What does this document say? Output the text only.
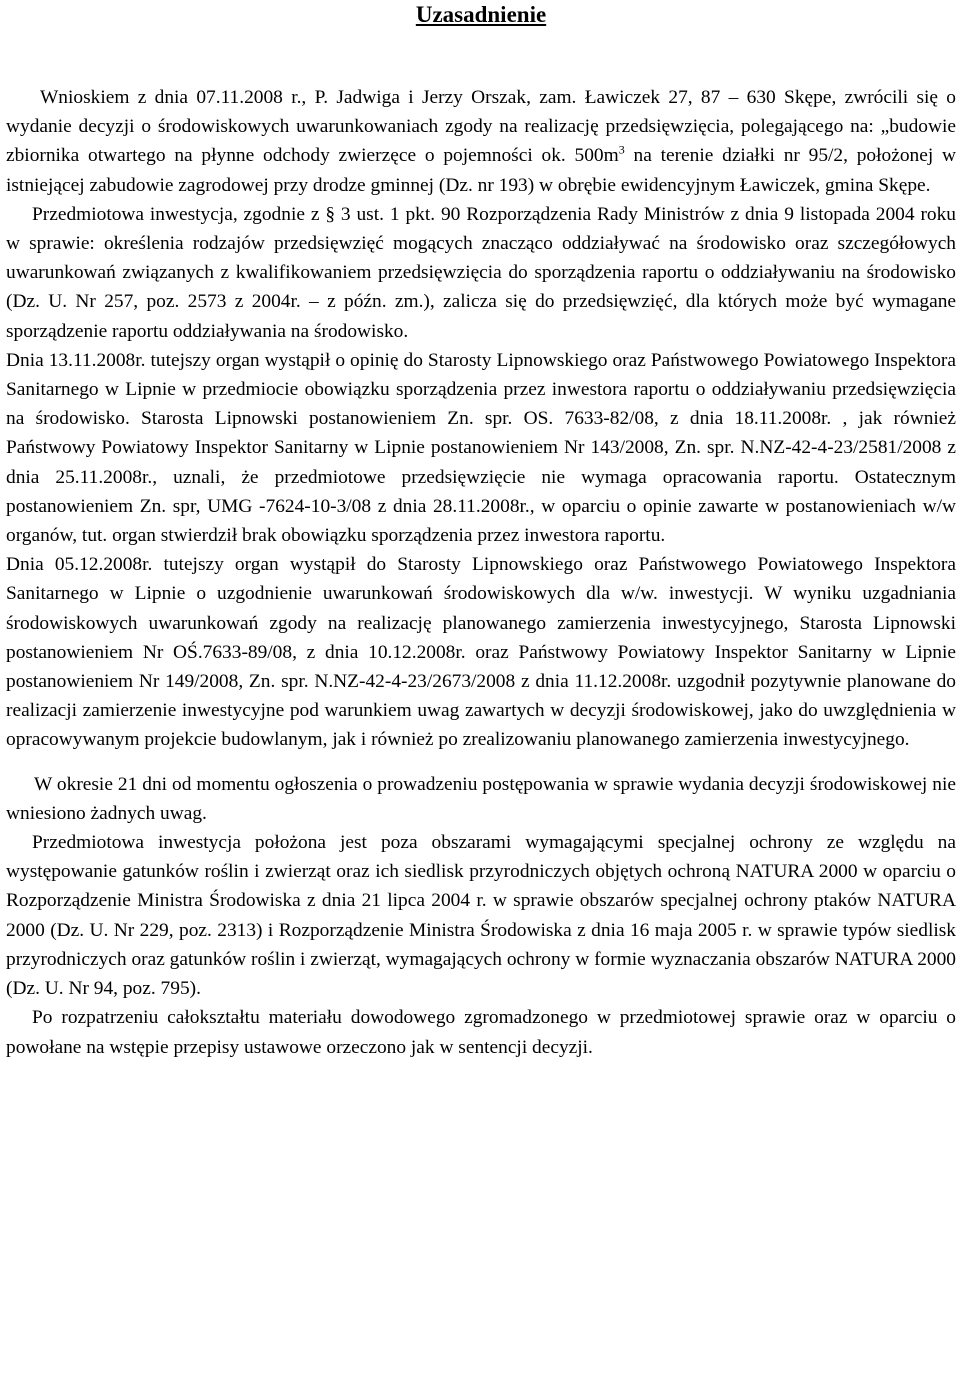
Uzasadnienie

Wnioskiem z dnia 07.11.2008 r., P. Jadwiga i Jerzy Orszak, zam. Ławiczek 27, 87 – 630 Skępe, zwrócili się o wydanie decyzji o środowiskowych uwarunkowaniach zgody na realizację przedsięwzięcia, polegającego na: „budowie zbiornika otwartego na płynne odchody zwierzęce o pojemności ok. $500m^3$ na terenie działki nr 95/2, położonej w istniejącej zabudowie zagrodowej przy drodze gminnej (Dz. nr 193) w obrębie ewidencyjnym Ławiczek, gmina Skępe.

Przedmiotowa inwestycja, zgodnie z § 3 ust. 1 pkt. 90 Rozporządzenia Rady Ministrów z dnia 9 listopada 2004 roku w sprawie: określenia rodzajów przedsięwzięć mogących znacząco oddziaływać na środowisko oraz szczegółowych uwarunkowań związanych z kwalifikowaniem przedsięwzięcia do sporządzenia raportu o oddziaływaniu na środowisko (Dz. U. Nr 257, poz. 2573 z 2004r. – z późn. zm.), zalicza się do przedsięwzięć, dla których może być wymagane sporządzenie raportu oddziaływania na środowisko.

Dnia 13.11.2008r. tutejszy organ wystąpił o opinię do Starosty Lipnowskiego oraz Państwowego Powiatowego Inspektora Sanitarnego w Lipnie w przedmiocie obowiązku sporządzenia przez inwestora raportu o oddziaływaniu przedsięwzięcia na środowisko. Starosta Lipnowski postanowieniem Zn. spr. OS. 7633-82/08, z dnia 18.11.2008r. , jak również Państwowy Powiatowy Inspektor Sanitarny w Lipnie postanowieniem Nr 143/2008, Zn. spr. N.NZ-42-4-23/2581/2008 z dnia 25.11.2008r., uznali, że przedmiotowe przedsięwzięcie nie wymaga opracowania raportu. Ostatecznym postanowieniem Zn. spr, UMG -7624-10-3/08 z dnia 28.11.2008r., w oparciu o opinie zawarte w postanowieniach w/w organów, tut. organ stwierdził brak obowiązku sporządzenia przez inwestora raportu.

Dnia 05.12.2008r. tutejszy organ wystąpił do Starosty Lipnowskiego oraz Państwowego Powiatowego Inspektora Sanitarnego w Lipnie o uzgodnienie uwarunkowań środowiskowych dla w/w. inwestycji. W wyniku uzgadniania środowiskowych uwarunkowań zgody na realizację planowanego zamierzenia inwestycyjnego, Starosta Lipnowski postanowieniem Nr OŚ.7633-89/08, z dnia 10.12.2008r. oraz Państwowy Powiatowy Inspektor Sanitarny w Lipnie postanowieniem Nr 149/2008, Zn. spr. N.NZ-42-4-23/2673/2008 z dnia 11.12.2008r. uzgodnił pozytywnie planowane do realizacji zamierzenie inwestycyjne pod warunkiem uwag zawartych w decyzji środowiskowej, jako do uwzględnienia w opracowywanym projekcie budowlanym, jak i również po zrealizowaniu planowanego zamierzenia inwestycyjnego.

W okresie 21 dni od momentu ogłoszenia o prowadzeniu postępowania w sprawie wydania decyzji środowiskowej nie wniesiono żadnych uwag.

Przedmiotowa inwestycja położona jest poza obszarami wymagającymi specjalnej ochrony ze względu na występowanie gatunków roślin i zwierząt oraz ich siedlisk przyrodniczych objętych ochroną NATURA 2000 w oparciu o Rozporządzenie Ministra Środowiska z dnia 21 lipca 2004 r. w sprawie obszarów specjalnej ochrony ptaków NATURA 2000 (Dz. U. Nr 229, poz. 2313) i Rozporządzenie Ministra Środowiska z dnia 16 maja 2005 r. w sprawie typów siedlisk przyrodniczych oraz gatunków roślin i zwierząt, wymagających ochrony w formie wyznaczania obszarów NATURA 2000 (Dz. U. Nr 94, poz. 795).

Po rozpatrzeniu całokształtu materiału dowodowego zgromadzonego w przedmiotowej sprawie oraz w oparciu o powołane na wstępie przepisy ustawowe orzeczono jak w sentencji decyzji.
